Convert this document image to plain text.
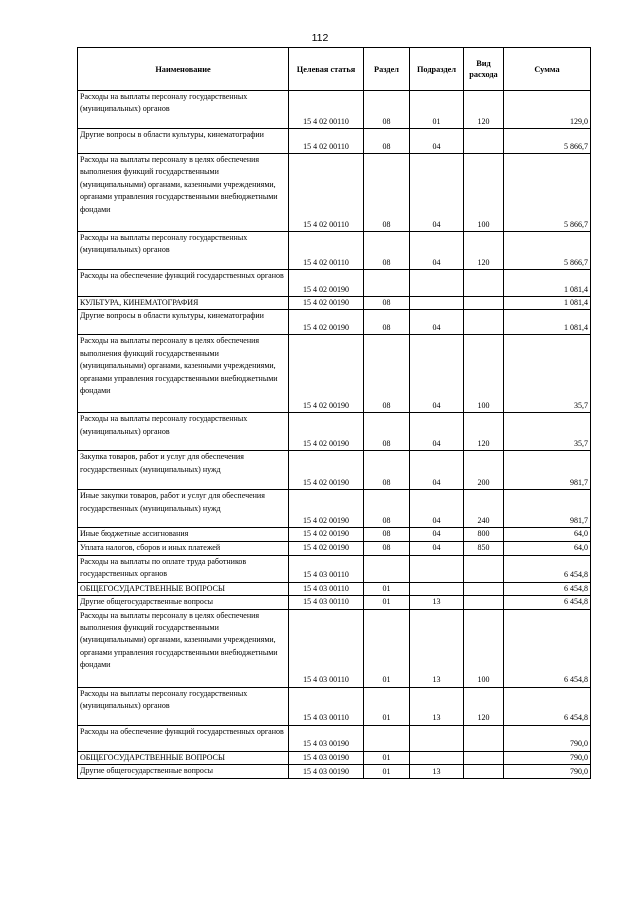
112
Наименование	Целевая статья	Раздел	Подраздел	Вид расхода	Сумма
Расходы на выплаты персоналу государственных (муниципальных) органов	15 4 02 00110	08	01	120	129,0
Другие вопросы в области культуры, кинематографии	15 4 02 00110	08	04		5 866,7
Расходы на выплаты персоналу в целях обеспечения выполнения функций государственными (муниципальными) органами, казенными учреждениями, органами управления государственными внебюджетными фондами	15 4 02 00110	08	04	100	5 866,7
Расходы на выплаты персоналу государственных (муниципальных) органов	15 4 02 00110	08	04	120	5 866,7
Расходы на обеспечение функций государственных органов	15 4 02 00190				1 081,4
КУЛЬТУРА, КИНЕМАТОГРАФИЯ	15 4 02 00190	08			1 081,4
Другие вопросы в области культуры, кинематографии	15 4 02 00190	08	04		1 081,4
Расходы на выплаты персоналу в целях обеспечения выполнения функций государственными (муниципальными) органами, казенными учреждениями, органами управления государственными внебюджетными фондами	15 4 02 00190	08	04	100	35,7
Расходы на выплаты персоналу государственных (муниципальных) органов	15 4 02 00190	08	04	120	35,7
Закупка товаров, работ и услуг для обеспечения государственных (муниципальных) нужд	15 4 02 00190	08	04	200	981,7
Иные закупки товаров, работ и услуг для обеспечения государственных (муниципальных) нужд	15 4 02 00190	08	04	240	981,7
Иные бюджетные ассигнования	15 4 02 00190	08	04	800	64,0
Уплата налогов, сборов и иных платежей	15 4 02 00190	08	04	850	64,0
Расходы на выплаты по оплате труда работников государственных органов	15 4 03 00110				6 454,8
ОБЩЕГОСУДАРСТВЕННЫЕ ВОПРОСЫ	15 4 03 00110	01			6 454,8
Другие общегосударственные вопросы	15 4 03 00110	01	13		6 454,8
Расходы на выплаты персоналу в целях обеспечения выполнения функций государственными (муниципальными) органами, казенными учреждениями, органами управления государственными внебюджетными фондами	15 4 03 00110	01	13	100	6 454,8
Расходы на выплаты персоналу государственных (муниципальных) органов	15 4 03 00110	01	13	120	6 454,8
Расходы на обеспечение функций государственных органов	15 4 03 00190				790,0
ОБЩЕГОСУДАРСТВЕННЫЕ ВОПРОСЫ	15 4 03 00190	01			790,0
Другие общегосударственные вопросы	15 4 03 00190	01	13		790,0
